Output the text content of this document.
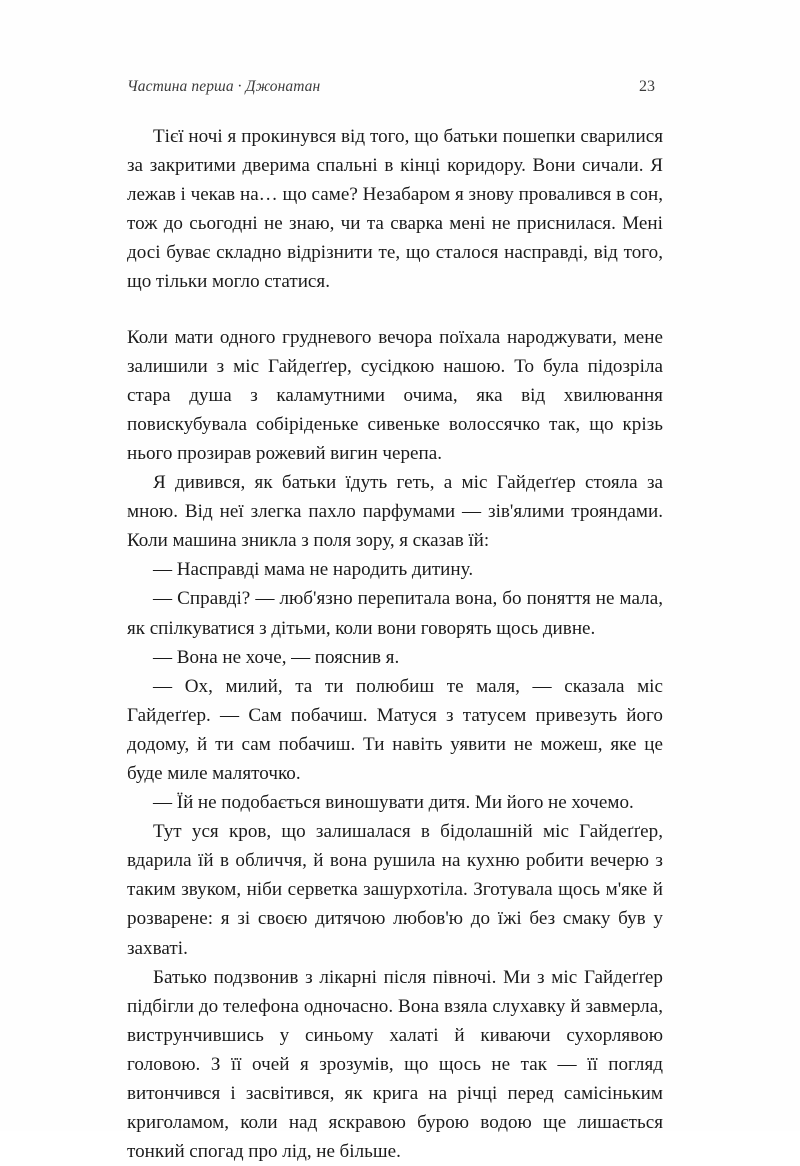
Частина перша · Джонатан	23

Тієї ночі я прокинувся від того, що батьки пошепки сварилися за закритими дверима спальні в кінці коридору. Вони сичали. Я лежав і чекав на… що саме? Незабаром я знову провалився в сон, тож до сьогодні не знаю, чи та сварка мені не приснилася. Мені досі буває складно відрізнити те, що сталося насправді, від того, що тільки могло статися.

Коли мати одного грудневого вечора поїхала народжувати, мене залишили з міс Гайдеґґер, сусідкою нашою. То була підозріла стара душа з каламутними очима, яка від хвилювання повискубувала собіріденьке сивеньке волоссячко так, що крізь нього прозирав рожевий вигин черепа.

Я дивився, як батьки їдуть геть, а міс Гайдеґґер стояла за мною. Від неї злегка пахло парфумами — зів'ялими трояндами. Коли машина зникла з поля зору, я сказав їй:

— Насправді мама не народить дитину.

— Справді? — люб'язно перепитала вона, бо поняття не мала, як спілкуватися з дітьми, коли вони говорять щось дивне.

— Вона не хоче, — пояснив я.

— Ох, милий, та ти полюбиш те маля, — сказала міс Гайдеґґер. — Сам побачиш. Матуся з татусем привезуть його додому, й ти сам побачиш. Ти навіть уявити не можеш, яке це буде миле маляточко.

— Їй не подобається виношувати дитя. Ми його не хочемо.

Тут уся кров, що залишалася в бідолашній міс Гайдеґґер, вдарила їй в обличчя, й вона рушила на кухню робити вечерю з таким звуком, ніби серветка зашурхотіла. Зготувала щось м'яке й розварене: я зі своєю дитячою любов'ю до їжі без смаку був у захваті.

Батько подзвонив з лікарні після півночі. Ми з міс Гайдеґґер підбігли до телефона одночасно. Вона взяла слухавку й завмерла, вистрyнчившись у синьому халаті й киваючи сухорлявою головою. З її очей я зрозумів, що щось не так — її погляд витончився і засвітився, як крига на річці перед самісіньким криголамом, коли над яскравою бурою водою ще лишається тонкий спогад про лід, не більше.
